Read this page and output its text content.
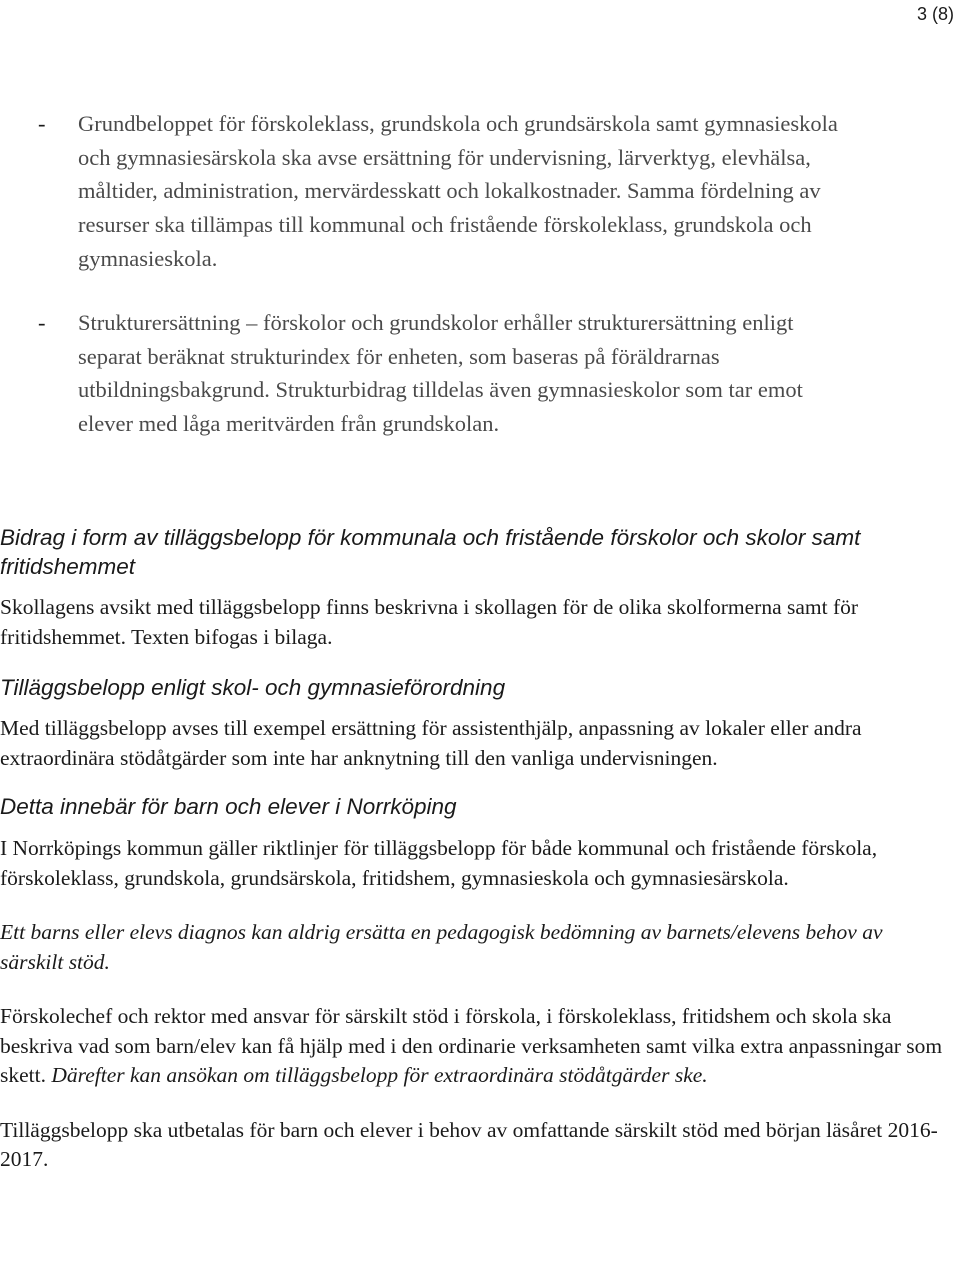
3 (8)
- Grundbeloppet för förskoleklass, grundskola och grundsärskola samt gymnasieskola och gymnasiesärskola ska avse ersättning för undervisning, lärverktyg, elevhälsa, måltider, administration, mervärdesskatt och lokalkostnader. Samma fördelning av resurser ska tillämpas till kommunal och fristående förskoleklass, grundskola och gymnasieskola.
- Strukturersättning – förskolor och grundskolor erhåller strukturersättning enligt separat beräknat strukturindex för enheten, som baseras på föräldrarnas utbildningsbakgrund. Strukturbidrag tilldelas även gymnasieskolor som tar emot elever med låga meritvärden från grundskolan.
Bidrag i form av tilläggsbelopp för kommunala och fristående förskolor och skolor samt fritidshemmet

Skollagens avsikt med tilläggsbelopp finns beskrivna i skollagen för de olika skolformerna samt för fritidshemmet. Texten bifogas i bilaga.

Tilläggsbelopp enligt skol- och gymnasieförordning

Med tilläggsbelopp avses till exempel ersättning för assistenthjälp, anpassning av lokaler eller andra extraordinära stödåtgärder som inte har anknytning till den vanliga undervisningen.

Detta innebär för barn och elever i Norrköping

I Norrköpings kommun gäller riktlinjer för tilläggsbelopp för både kommunal och fristående förskola, förskoleklass, grundskola, grundsärskola, fritidshem, gymnasieskola och gymnasiesärskola.

Ett barns eller elevs diagnos kan aldrig ersätta en pedagogisk bedömning av barnets/elevens behov av särskilt stöd.

Förskolechef och rektor med ansvar för särskilt stöd i förskola, i förskoleklass, fritidshem och skola ska beskriva vad som barn/elev kan få hjälp med i den ordinarie verksamheten samt vilka extra anpassningar som skett. Därefter kan ansökan om tilläggsbelopp för extraordinära stödåtgärder ske.

Tilläggsbelopp ska utbetalas för barn och elever i behov av omfattande särskilt stöd med början läsåret 2016-2017.
